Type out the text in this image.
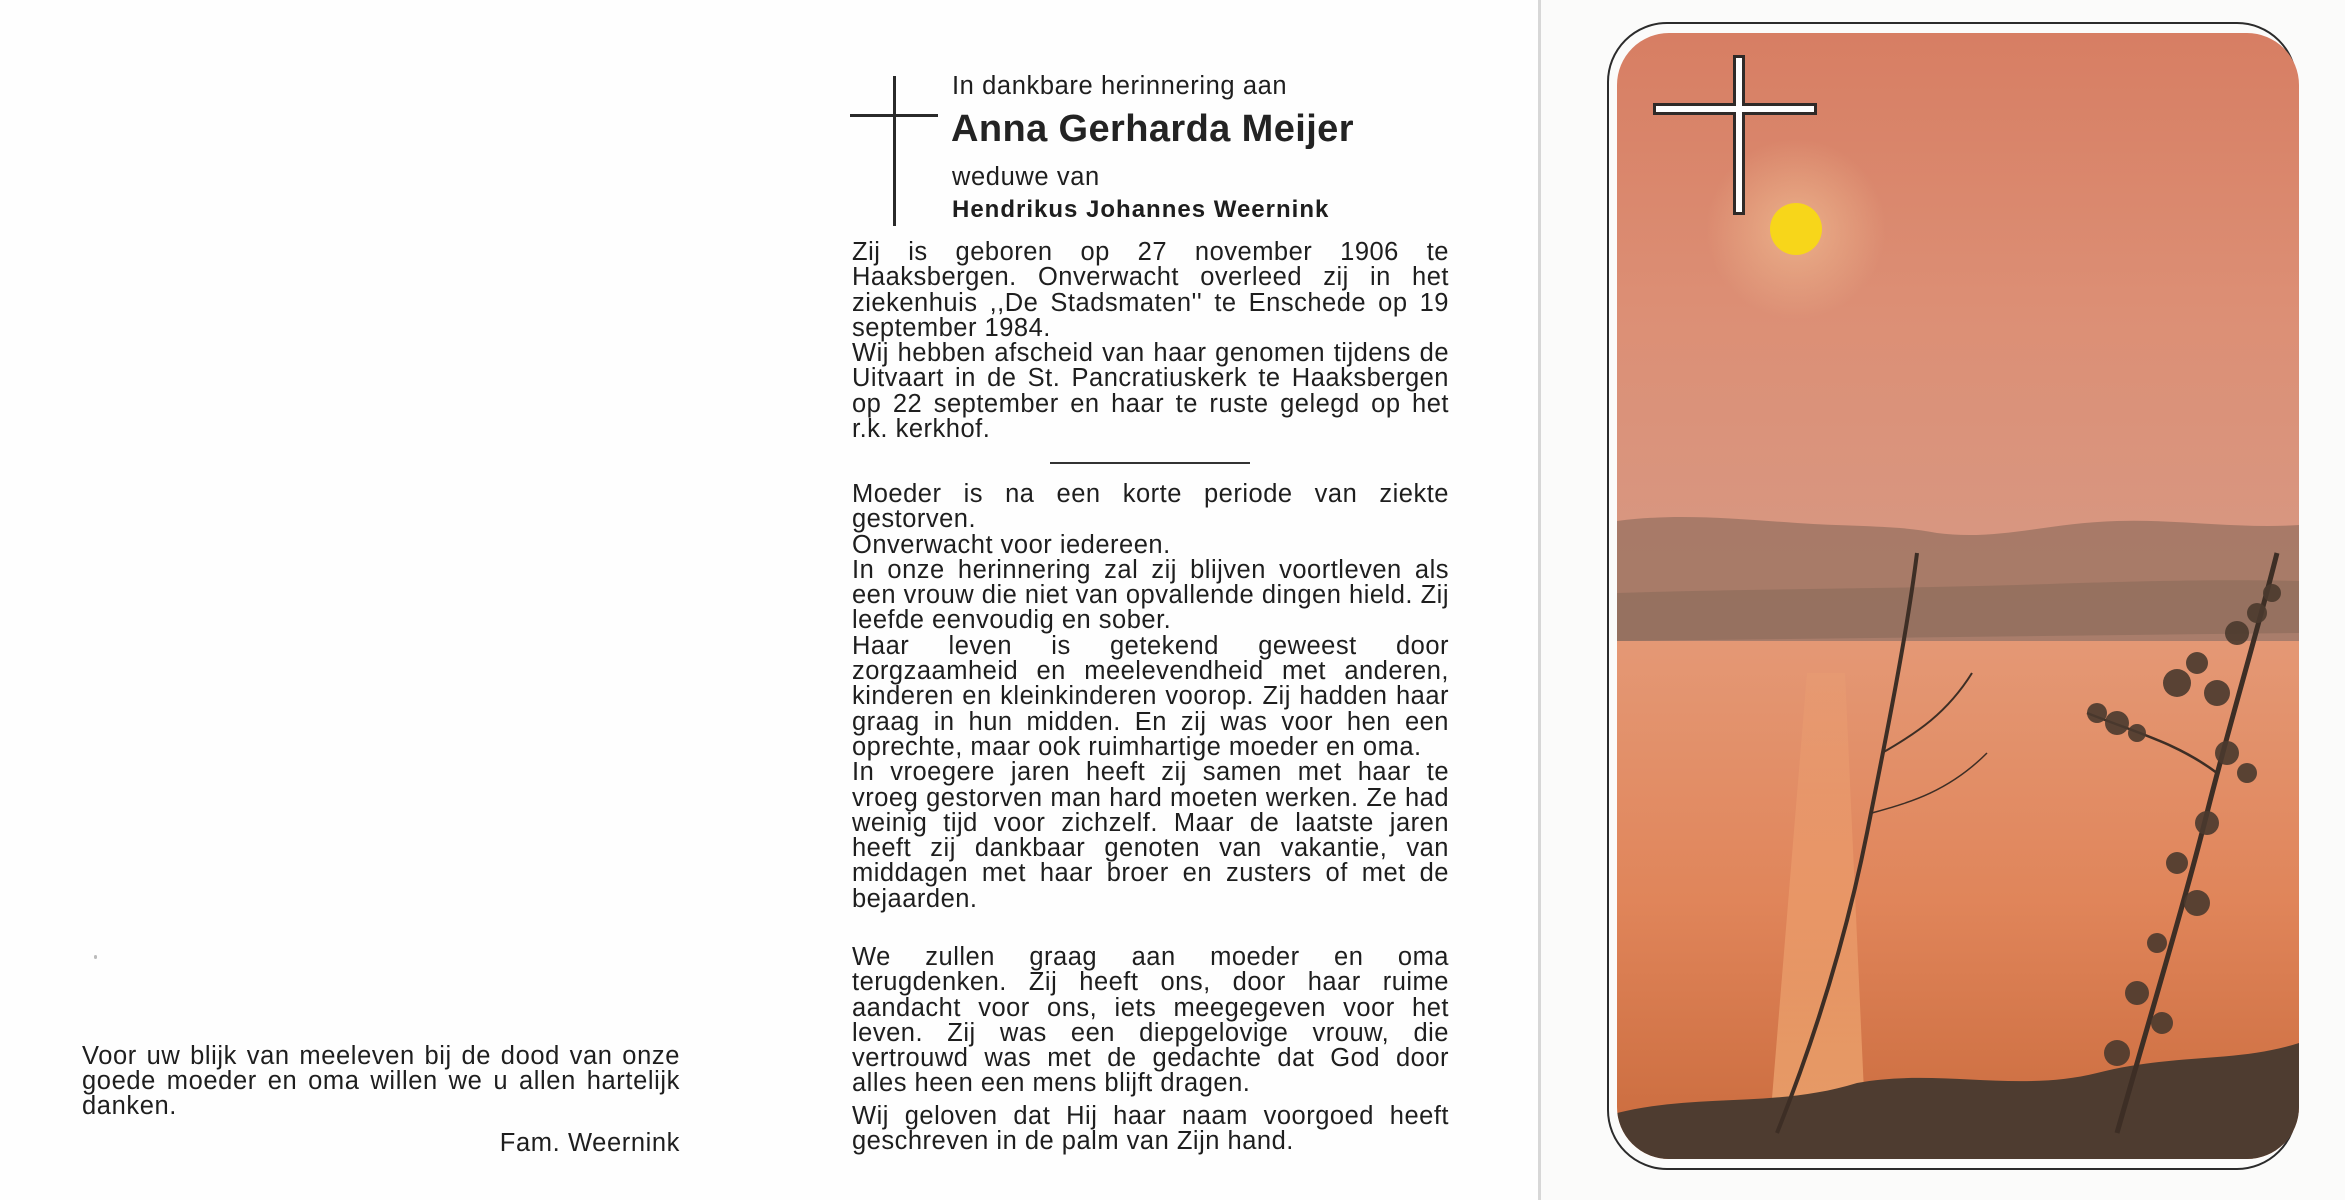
Voor uw blijk van meeleven bij de dood van onze goede moeder en oma willen we u allen hartelijk danken.

Fam. Weernink
In dankbare herinnering aan
Anna Gerharda Meijer
weduwe van
Hendrikus Johannes Weernink

Zij is geboren op 27 november 1906 te Haaksbergen. Onverwacht overleed zij in het ziekenhuis ,,De Stadsmaten'' te Enschede op 19 september 1984.

Wij hebben afscheid van haar genomen tijdens de Uitvaart in de St. Pancratiuskerk te Haaksbergen op 22 september en haar te ruste gelegd op het r.k. kerkhof.

Moeder is na een korte periode van ziekte gestorven.

Onverwacht voor iedereen.

In onze herinnering zal zij blijven voortleven als een vrouw die niet van opvallende dingen hield. Zij leefde eenvoudig en sober.

Haar leven is getekend geweest door zorgzaamheid en meelevendheid met anderen, kinderen en kleinkinderen voorop. Zij hadden haar graag in hun midden. En zij was voor hen een oprechte, maar ook ruimhartige moeder en oma.

In vroegere jaren heeft zij samen met haar te vroeg gestorven man hard moeten werken. Ze had weinig tijd voor zichzelf. Maar de laatste jaren heeft zij dankbaar genoten van vakantie, van middagen met haar broer en zusters of met de bejaarden.

We zullen graag aan moeder en oma terugdenken. Zij heeft ons, door haar ruime aandacht voor ons, iets meegegeven voor het leven. Zij was een diepgelovige vrouw, die vertrouwd was met de gedachte dat God door alles heen een mens blijft dragen.

Wij geloven dat Hij haar naam voorgoed heeft geschreven in de palm van Zijn hand.
